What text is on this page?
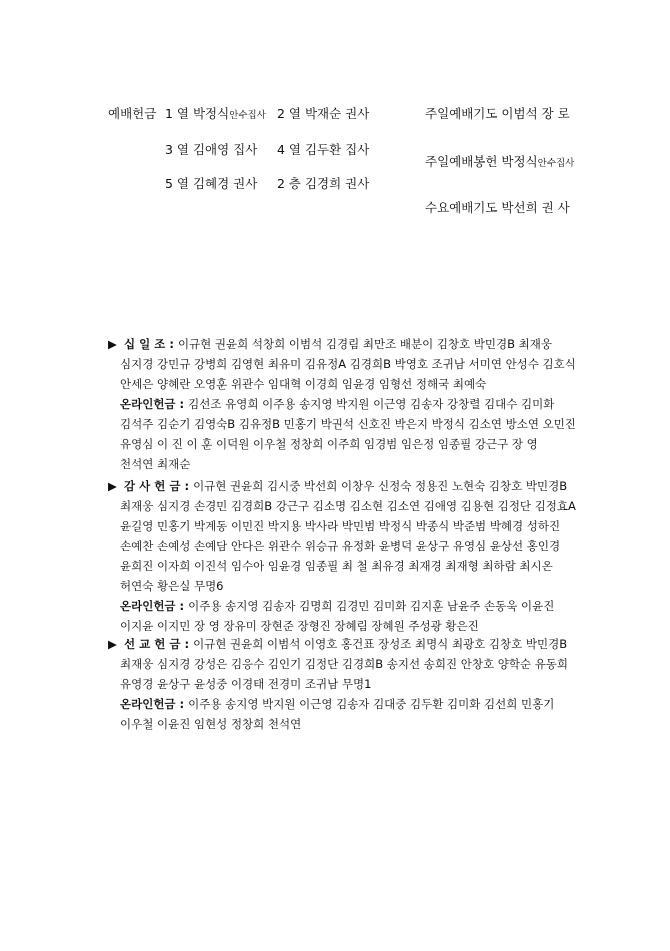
예배헌금 1 열 박정식안수집사 2 열 박재순 권사
3 열 김애영 집사 4 열 김두환 집사
5 열 김혜경 권사 2 층 김경희 권사
주일예배기도 이범석 장 로
주일예배봉헌 박정식안수집사
수요예배기도 박선희 권 사
▶ 십 일 조 : 이규현 권윤희 석창희 이범석 김경림 최만조 배분이 김창호 박민경B 최재웅
심지경 강민규 강병희 김영현 최유미 김유정A 김경희B 박영호 조귀남 서미연 안성수 김호식
안세은 양혜란 오영훈 위관수 임대혁 이경희 임윤경 임형선 정해국 최예숙
온라인헌금 : 김선조 유영희 이주용 송지영 박지원 이근영 김송자 강창렬 김대수 김미화
김석주 김순기 김영숙B 김유정B 민홍기 박권석 신호진 박은지 박정식 김소연 방소연 오민진
유영심 이 진 이 훈 이덕원 이우철 정창희 이주희 임경범 임은정 임종필 강근구 장 영
천석연 최재순
▶ 감 사 헌 금 : 이규현 권윤희 김시중 박선희 이창우 신정숙 정용진 노현숙 김창호 박민경B
최재웅 심지경 손경민 김경희B 강근구 김소명 김소현 김소연 김애영 김용현 김정단 김정효A
윤길영 민홍기 박계동 이민진 박지용 박사라 박민범 박정식 박종식 박준범 박혜경 성하진
손예찬 손예성 손예담 안다은 위관수 위승규 유정화 윤병덕 윤상구 유영심 윤상선 홍인경
윤희진 이자희 이진석 임수아 임윤경 임종필 최 철 최유경 최재경 최재형 최하람 최시온
허연숙 황은실 무명6
온라인헌금 : 이주용 송지영 김송자 김명희 김경민 김미화 김지훈 남윤주 손동욱 이윤진
이지윤 이지민 장 영 장유미 장현준 장형진 장혜림 장혜원 주성광 황은진
▶ 선 교 헌 금 : 이규현 권윤희 이범석 이영호 홍건표 장성조 최명식 최광호 김창호 박민경B
최재웅 심지경 강성은 김응수 김인기 김정단 김경희B 송지선 송희진 안창호 양학순 유동희
유영경 윤상구 윤성중 이경태 전경미 조귀남 무명1
온라인헌금 : 이주용 송지영 박지원 이근영 김송자 김대중 김두환 김미화 김선희 민홍기
이우철 이윤진 임현성 정창희 천석연
